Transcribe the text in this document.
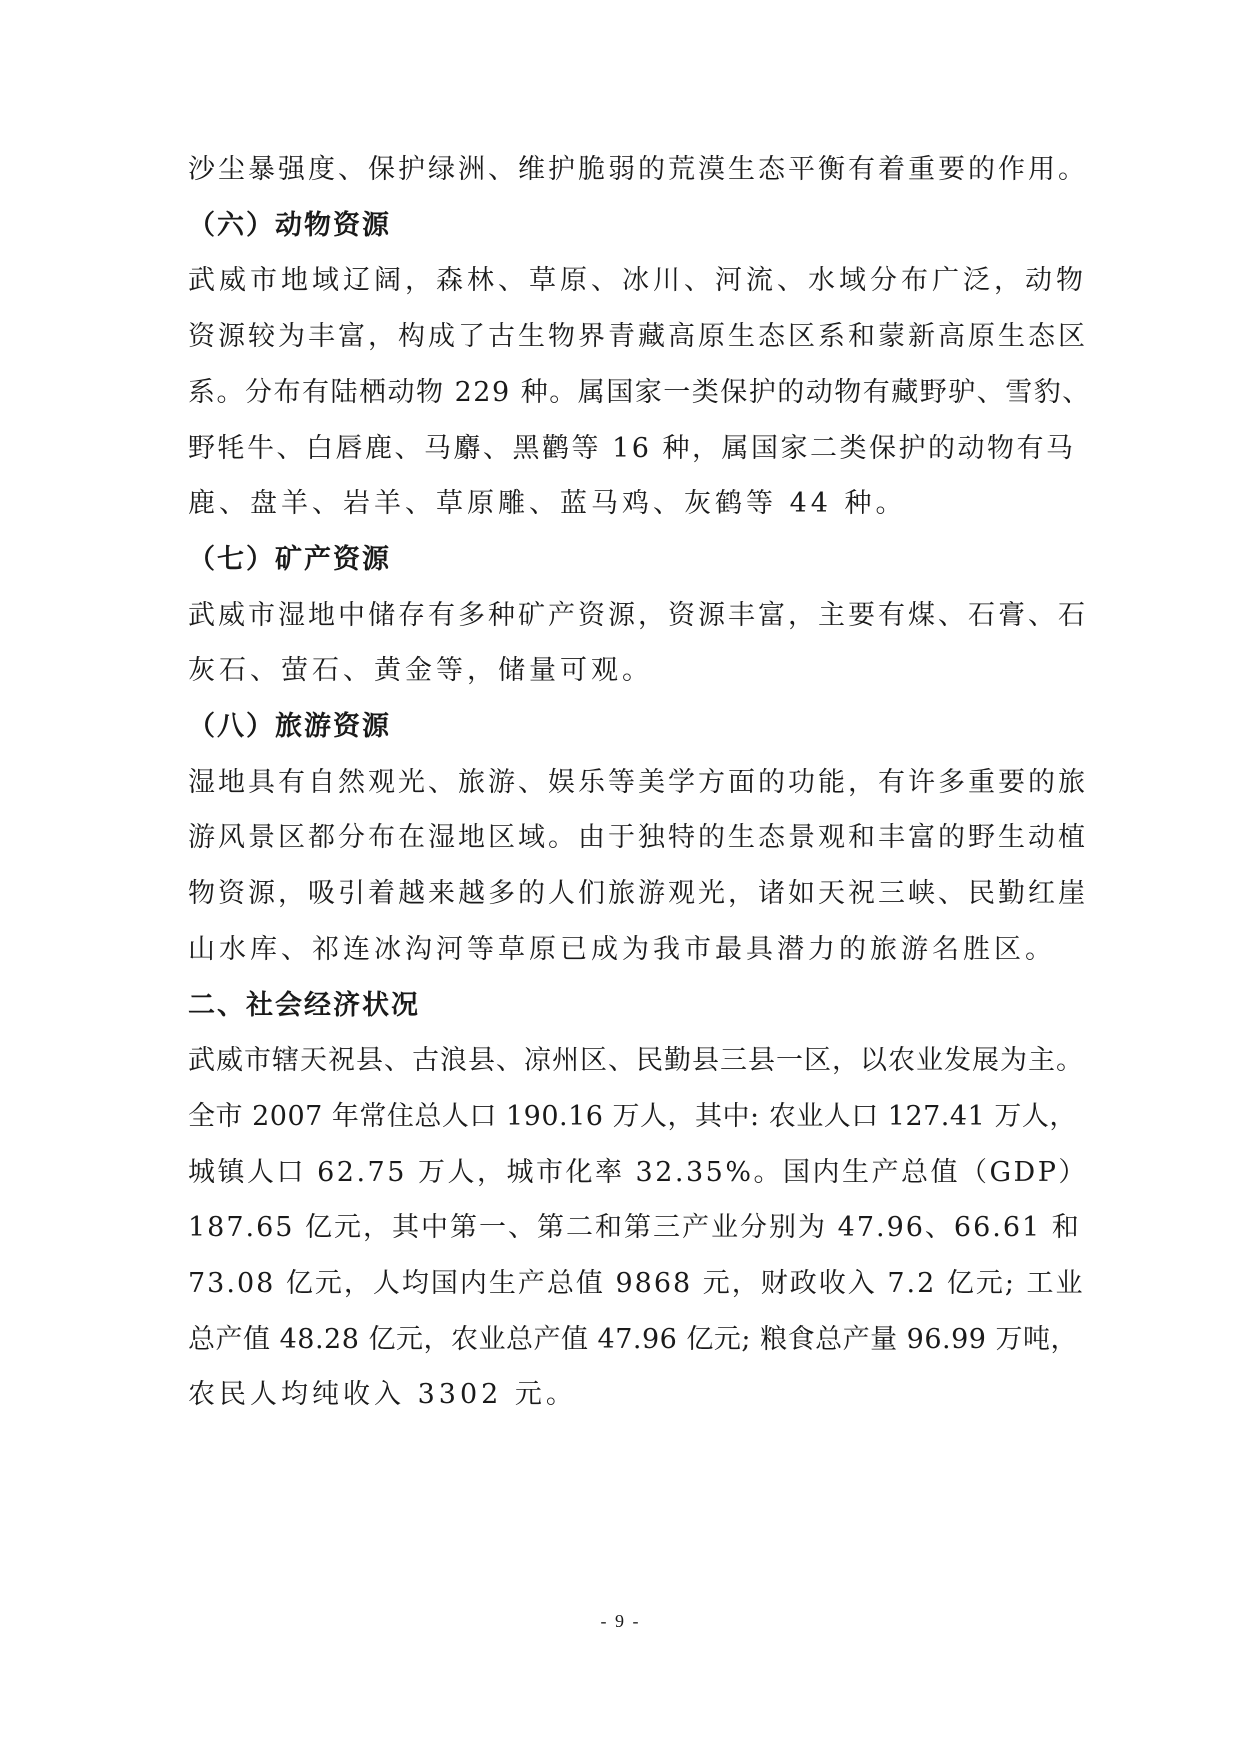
沙尘暴强度、保护绿洲、维护脆弱的荒漠生态平衡有着重要的作用。
（六）动物资源
武威市地域辽阔，森林、草原、冰川、河流、水域分布广泛，动物
资源较为丰富，构成了古生物界青藏高原生态区系和蒙新高原生态区
系。分布有陆栖动物 229 种。属国家一类保护的动物有藏野驴、雪豹、
野牦牛、白唇鹿、马麝、黑鹳等 16 种，属国家二类保护的动物有马
鹿、盘羊、岩羊、草原雕、蓝马鸡、灰鹤等 44 种。
（七）矿产资源
武威市湿地中储存有多种矿产资源，资源丰富，主要有煤、石膏、石
灰石、萤石、黄金等，储量可观。
（八）旅游资源
湿地具有自然观光、旅游、娱乐等美学方面的功能，有许多重要的旅
游风景区都分布在湿地区域。由于独特的生态景观和丰富的野生动植
物资源，吸引着越来越多的人们旅游观光，诸如天祝三峡、民勤红崖
山水库、祁连冰沟河等草原已成为我市最具潜力的旅游名胜区。
二、社会经济状况
武威市辖天祝县、古浪县、凉州区、民勤县三县一区，以农业发展为主。
全市 2007 年常住总人口 190.16 万人，其中: 农业人口 127.41 万人，
城镇人口 62.75 万人，城市化率 32.35%。国内生产总值（GDP）
187.65 亿元，其中第一、第二和第三产业分别为 47.96、66.61 和
73.08 亿元，人均国内生产总值 9868 元，财政收入 7.2 亿元; 工业
总产值 48.28 亿元，农业总产值 47.96 亿元; 粮食总产量 96.99 万吨，
农民人均纯收入 3302 元。
- 9 -
